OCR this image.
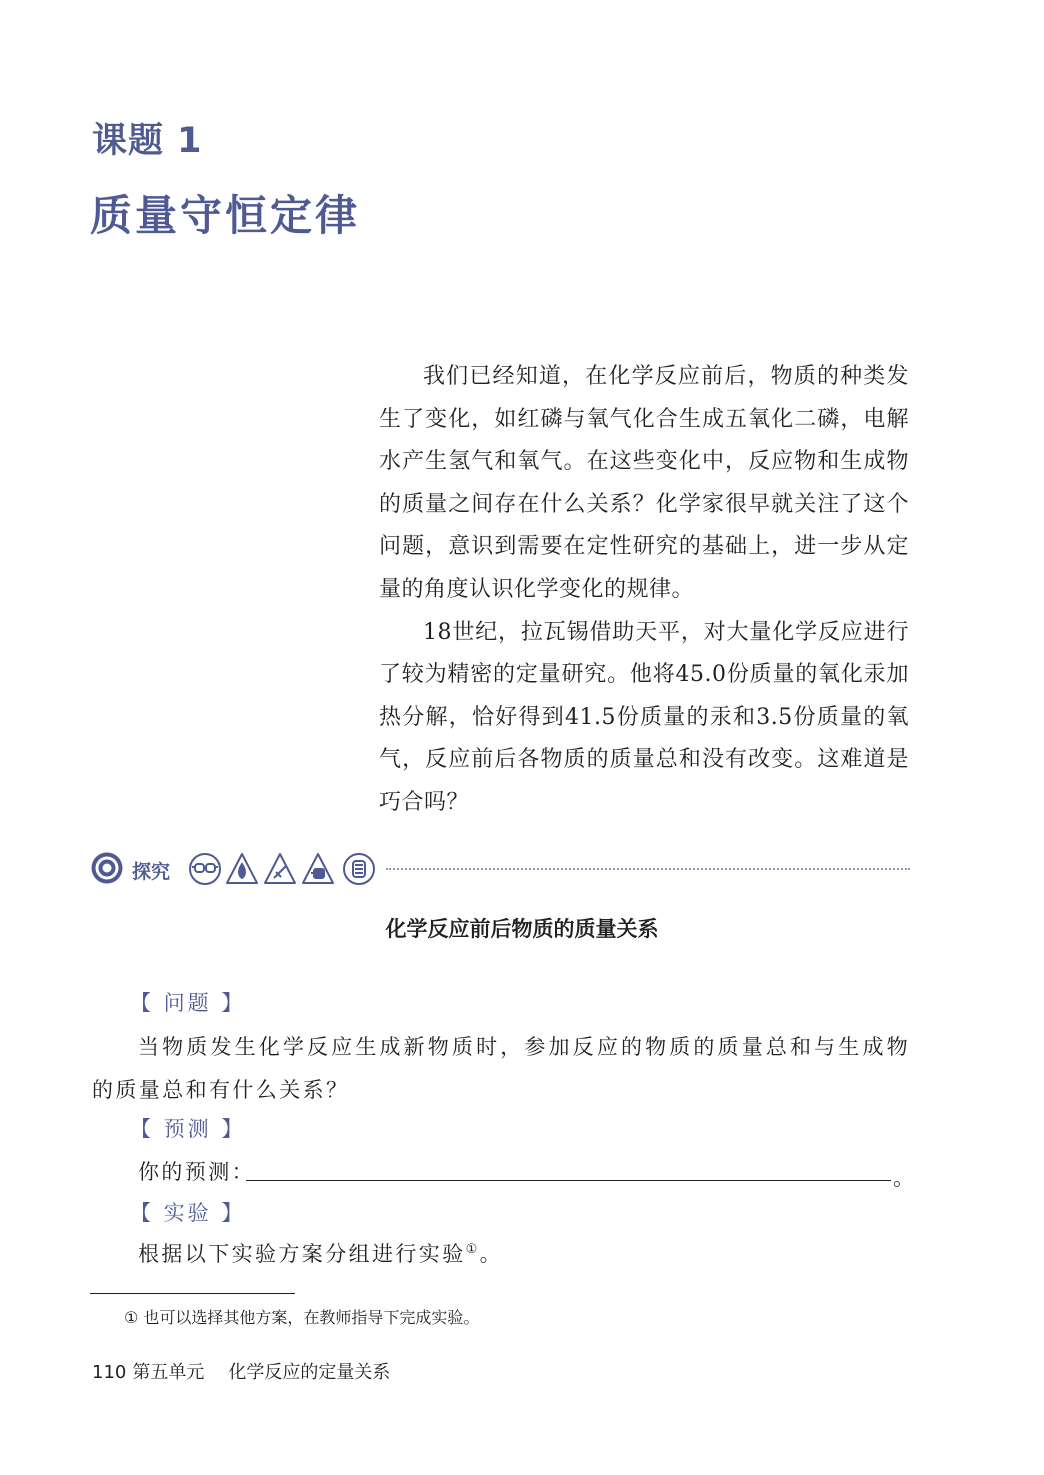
课题 1
质量守恒定律

我们已经知道，在化学反应前后，物质的种类发生了变化，如红磷与氧气化合生成五氧化二磷，电解水产生氢气和氧气。在这些变化中，反应物和生成物的质量之间存在什么关系？化学家很早就关注了这个问题，意识到需要在定性研究的基础上，进一步从定量的角度认识化学变化的规律。

18世纪，拉瓦锡借助天平，对大量化学反应进行了较为精密的定量研究。他将45.0份质量的氧化汞加热分解，恰好得到41.5份质量的汞和3.5份质量的氧气，反应前后各物质的质量总和没有改变。这难道是巧合吗？

探究
化学反应前后物质的质量关系
【 问题 】

当物质发生化学反应生成新物质时，参加反应的物质的质量总和与生成物的质量总和有什么关系？

【 预测 】
你的预测：	。
【 实验 】
根据以下实验方案分组进行实验①。
① 也可以选择其他方案，在教师指导下完成实验。
110 第五单元 化学反应的定量关系
